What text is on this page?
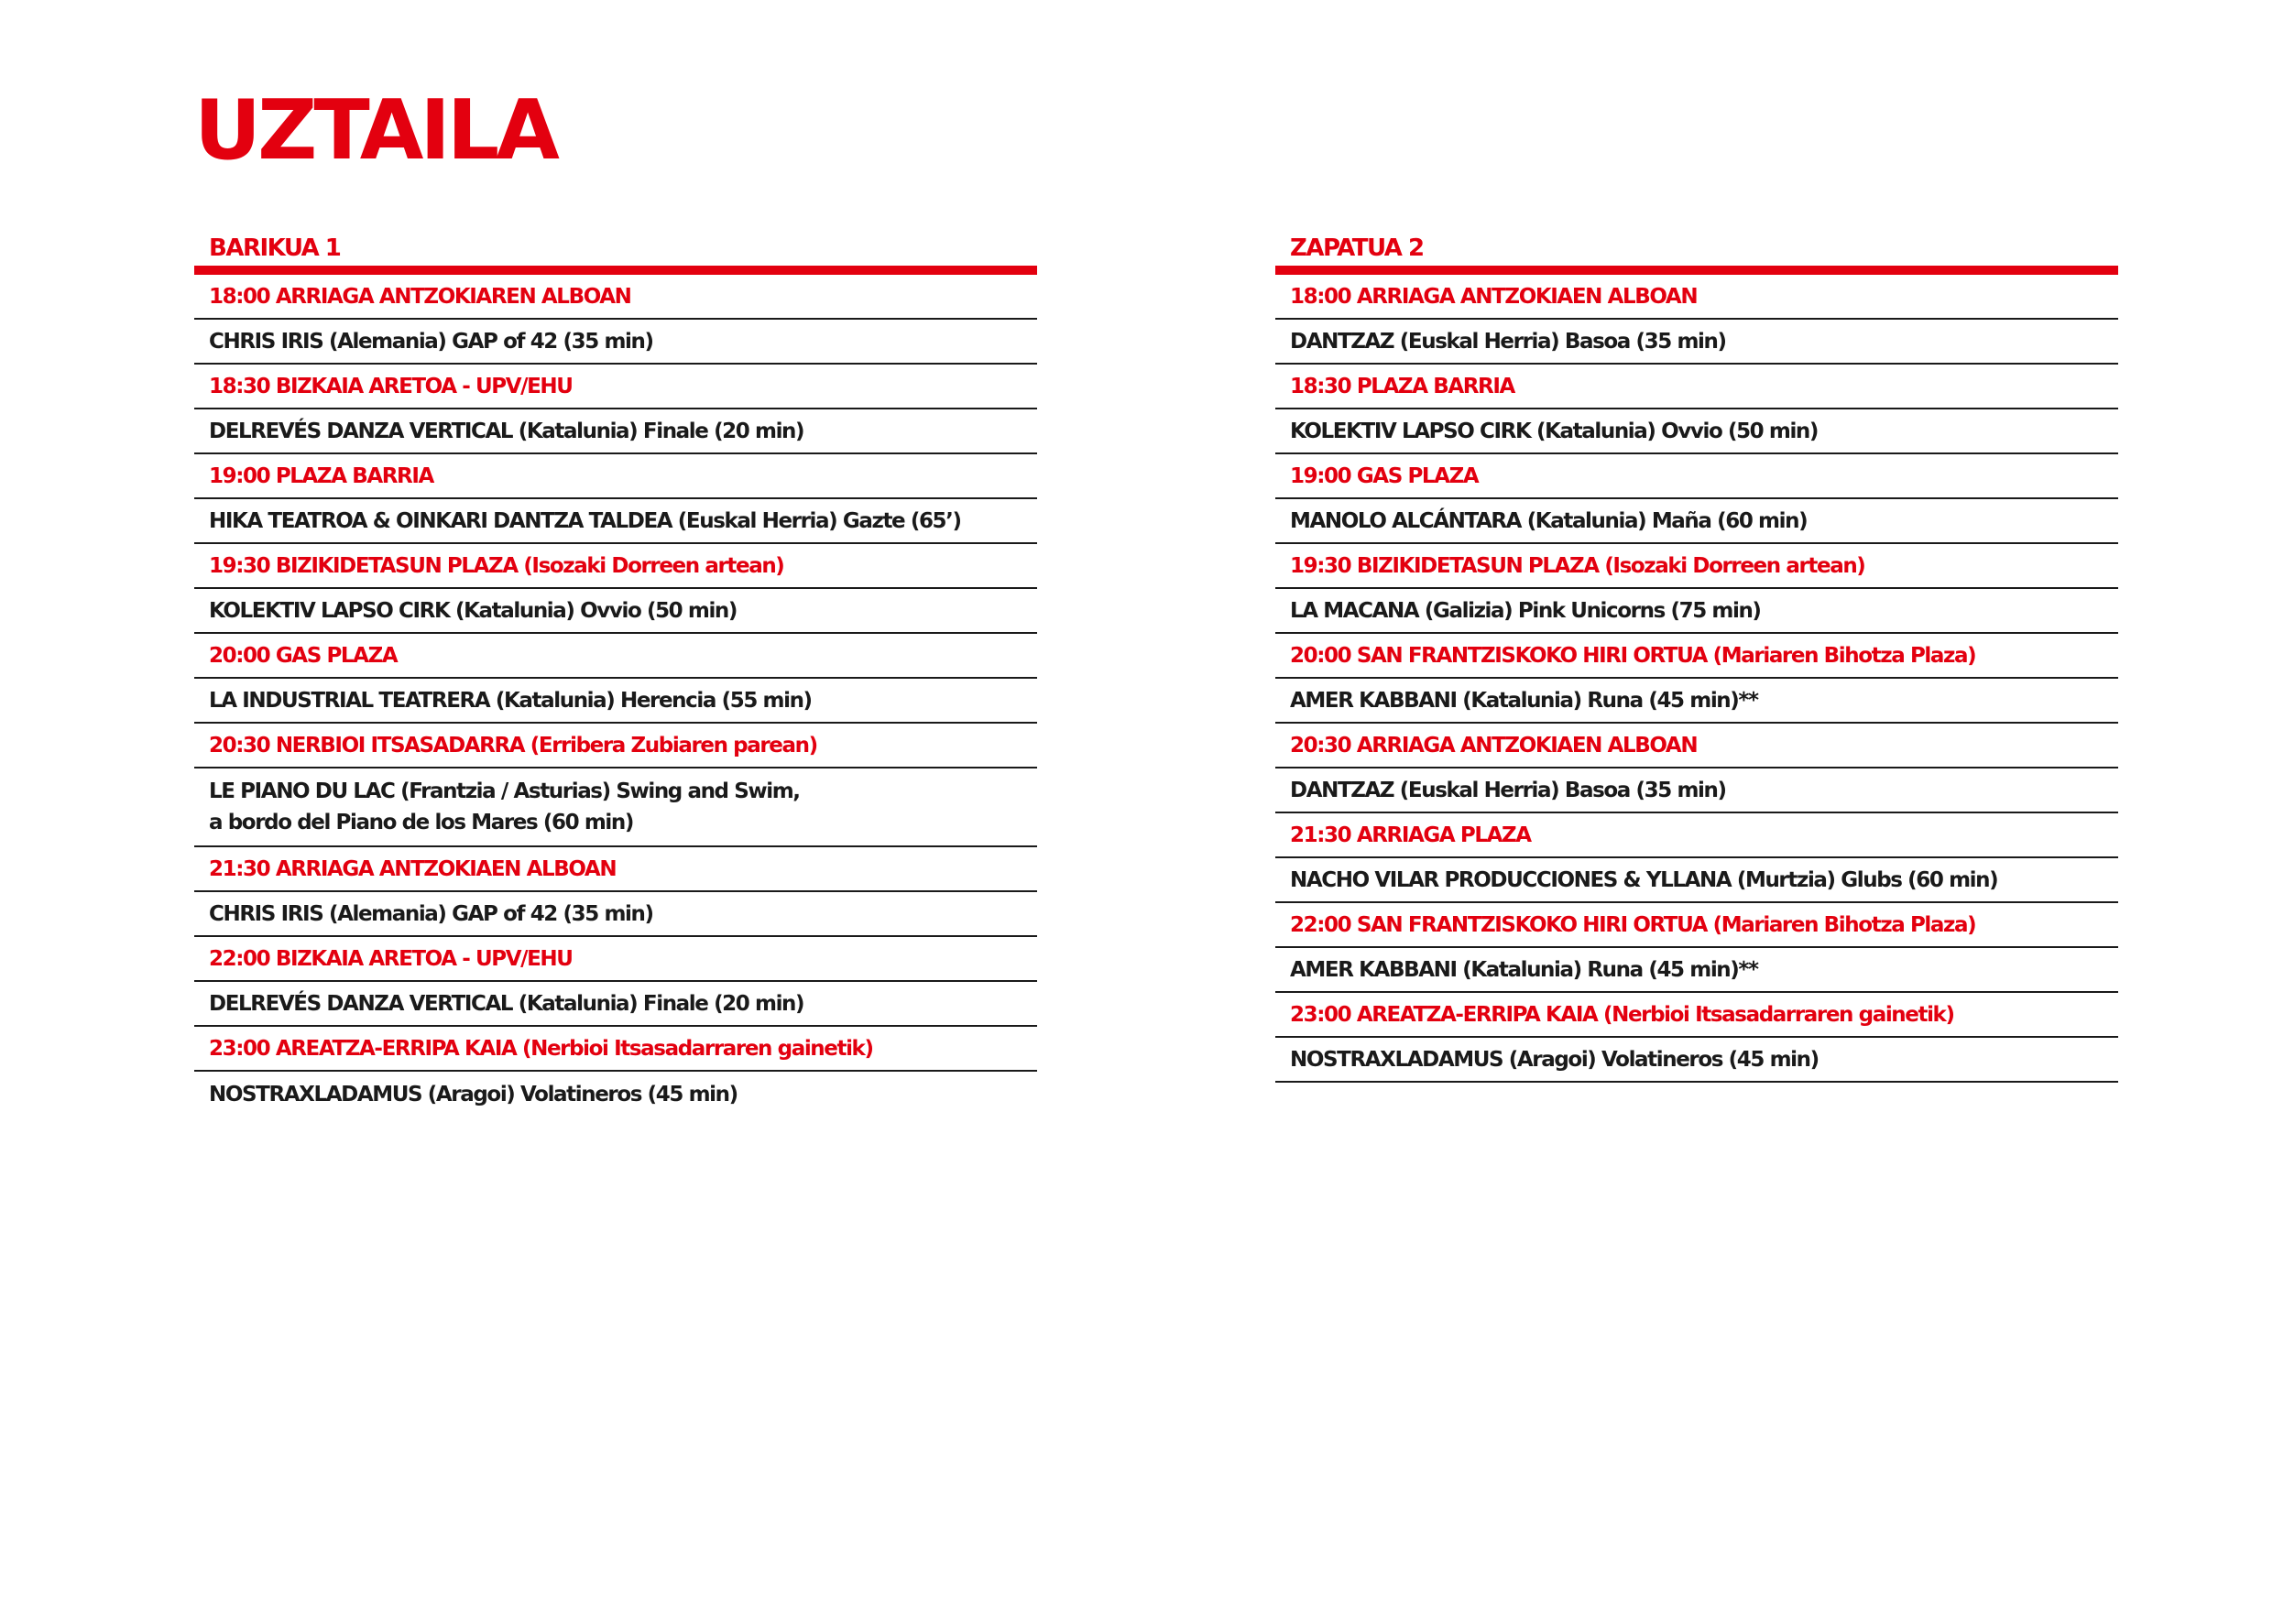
UZTAILA
BARIKUA 1
18:00 ARRIAGA ANTZOKIAREN ALBOAN
CHRIS IRIS (Alemania) GAP of 42 (35 min)
18:30 BIZKAIA ARETOA - UPV/EHU
DELREVÉS DANZA VERTICAL (Katalunia) Finale (20 min)
19:00 PLAZA BARRIA
HIKA TEATROA & OINKARI DANTZA TALDEA (Euskal Herria) Gazte (65’)
19:30 BIZIKIDETASUN PLAZA (Isozaki Dorreen artean)
KOLEKTIV LAPSO CIRK (Katalunia) Ovvio (50 min)
20:00 GAS PLAZA
LA INDUSTRIAL TEATRERA (Katalunia) Herencia (55 min)
20:30 NERBIOI ITSASADARRA (Erribera Zubiaren parean)
LE PIANO DU LAC (Frantzia / Asturias) Swing and Swim,
a bordo del Piano de los Mares (60 min)
21:30 ARRIAGA ANTZOKIAEN ALBOAN
CHRIS IRIS (Alemania) GAP of 42 (35 min)
22:00 BIZKAIA ARETOA - UPV/EHU
DELREVÉS DANZA VERTICAL (Katalunia) Finale (20 min)
23:00 AREATZA-ERRIPA KAIA (Nerbioi Itsasadarraren gainetik)
NOSTRAXLADAMUS (Aragoi) Volatineros (45 min)
ZAPATUA 2
18:00 ARRIAGA ANTZOKIAEN ALBOAN
DANTZAZ (Euskal Herria) Basoa (35 min)
18:30 PLAZA BARRIA
KOLEKTIV LAPSO CIRK (Katalunia) Ovvio (50 min)
19:00 GAS PLAZA
MANOLO ALCÁNTARA (Katalunia) Maña (60 min)
19:30 BIZIKIDETASUN PLAZA (Isozaki Dorreen artean)
LA MACANA (Galizia) Pink Unicorns (75 min)
20:00 SAN FRANTZISKOKO HIRI ORTUA (Mariaren Bihotza Plaza)
AMER KABBANI (Katalunia) Runa (45 min)**
20:30 ARRIAGA ANTZOKIAEN ALBOAN
DANTZAZ (Euskal Herria) Basoa (35 min)
21:30 ARRIAGA PLAZA
NACHO VILAR PRODUCCIONES & YLLANA (Murtzia) Glubs (60 min)
22:00 SAN FRANTZISKOKO HIRI ORTUA (Mariaren Bihotza Plaza)
AMER KABBANI (Katalunia) Runa (45 min)**
23:00 AREATZA-ERRIPA KAIA (Nerbioi Itsasadarraren gainetik)
NOSTRAXLADAMUS (Aragoi) Volatineros (45 min)
